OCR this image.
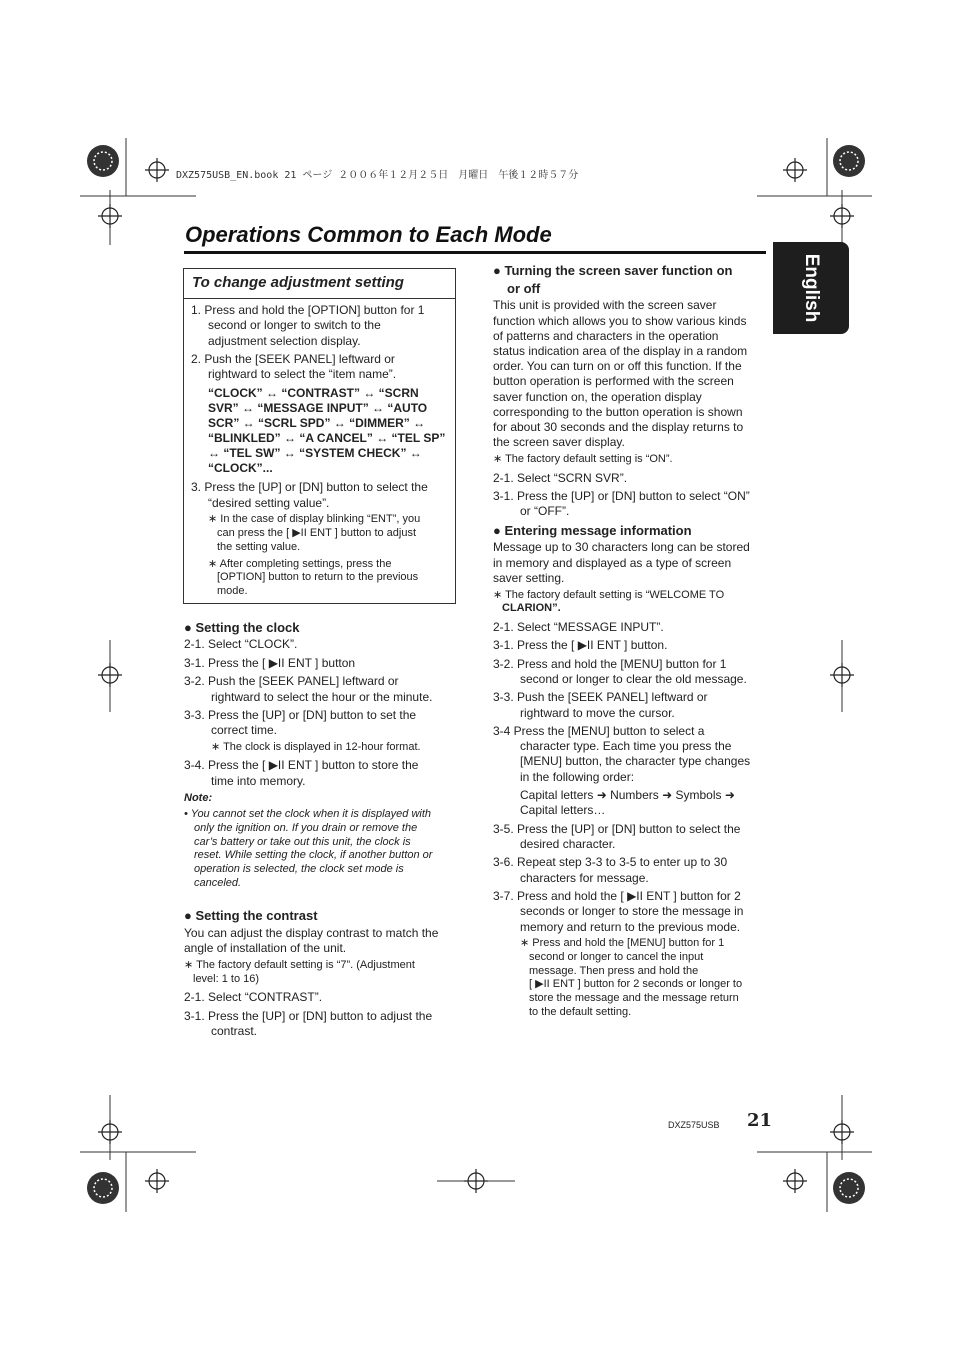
DXZ575USB_EN.book 21 ページ ２００６年１２月２５日　月曜日　午後１２時５７分
Operations Common to Each Mode
English
To change adjustment setting
1. Press and hold the [OPTION] button for 1
second or longer to switch to the
adjustment selection display.
2. Push the [SEEK PANEL] leftward or
rightward to select the “item name”.
“CLOCK” ↔ “CONTRAST” ↔ “SCRN
SVR” ↔ “MESSAGE INPUT” ↔ “AUTO
SCR” ↔ “SCRL SPD” ↔ “DIMMER” ↔
“BLINKLED” ↔ “A CANCEL” ↔ “TEL SP”
↔ “TEL SW” ↔ “SYSTEM CHECK” ↔
“CLOCK”...
3. Press the [UP] or [DN] button to select the
“desired setting value”.
∗ In the case of display blinking “ENT”, you
can press the [ ▶II ENT ] button to adjust
the setting value.
∗ After completing settings, press the
[OPTION] button to return to the previous
mode.
● Setting the clock
2-1. Select “CLOCK”.
3-1. Press the [ ▶II ENT ] button
3-2. Push the [SEEK PANEL] leftward or
rightward to select the hour or the minute.
3-3. Press the [UP] or [DN] button to set the
correct time.
∗ The clock is displayed in 12-hour format.
3-4. Press the [ ▶II ENT ] button to store the
time into memory.
Note:
• You cannot set the clock when it is displayed with
only the ignition on. If you drain or remove the
car’s battery or take out this unit, the clock is
reset. While setting the clock, if another button or
operation is selected, the clock set mode is
canceled.
● Setting the contrast
You can adjust the display contrast to match the
angle of installation of the unit.
∗ The factory default setting is “7”. (Adjustment
level: 1 to 16)
2-1. Select “CONTRAST”.
3-1. Press the [UP] or [DN] button to adjust the
contrast.
● Turning the screen saver function on
or off
This unit is provided with the screen saver
function which allows you to show various kinds
of patterns and characters in the operation
status indication area of the display in a random
order. You can turn on or off this function. If the
button operation is performed with the screen
saver function on, the operation display
corresponding to the button operation is shown
for about 30 seconds and the display returns to
the screen saver display.
∗ The factory default setting is “ON”.
2-1. Select “SCRN SVR”.
3-1. Press the [UP] or [DN] button to select “ON”
or “OFF”.
● Entering message information
Message up to 30 characters long can be stored
in memory and displayed as a type of screen
saver setting.
∗ The factory default setting is “WELCOME TO
CLARION”.
2-1. Select “MESSAGE INPUT”.
3-1. Press the [ ▶II ENT ] button.
3-2. Press and hold the [MENU] button for 1
second or longer to clear the old message.
3-3. Push the [SEEK PANEL] leftward or
rightward to move the cursor.
3-4 Press the [MENU] button to select a
character type. Each time you press the
[MENU] button, the character type changes
in the following order:
Capital letters ➜ Numbers ➜ Symbols ➜
Capital letters…
3-5. Press the [UP] or [DN] button to select the
desired character.
3-6. Repeat step 3-3 to 3-5 to enter up to 30
characters for message.
3-7. Press and hold the [ ▶II ENT ] button for 2
seconds or longer to store the message in
memory and return to the previous mode.
∗ Press and hold the [MENU] button for 1
second or longer to cancel the input
message. Then press and hold the
[ ▶II ENT ] button for 2 seconds or longer to
store the message and the message return
to the default setting.
DXZ575USB 21
